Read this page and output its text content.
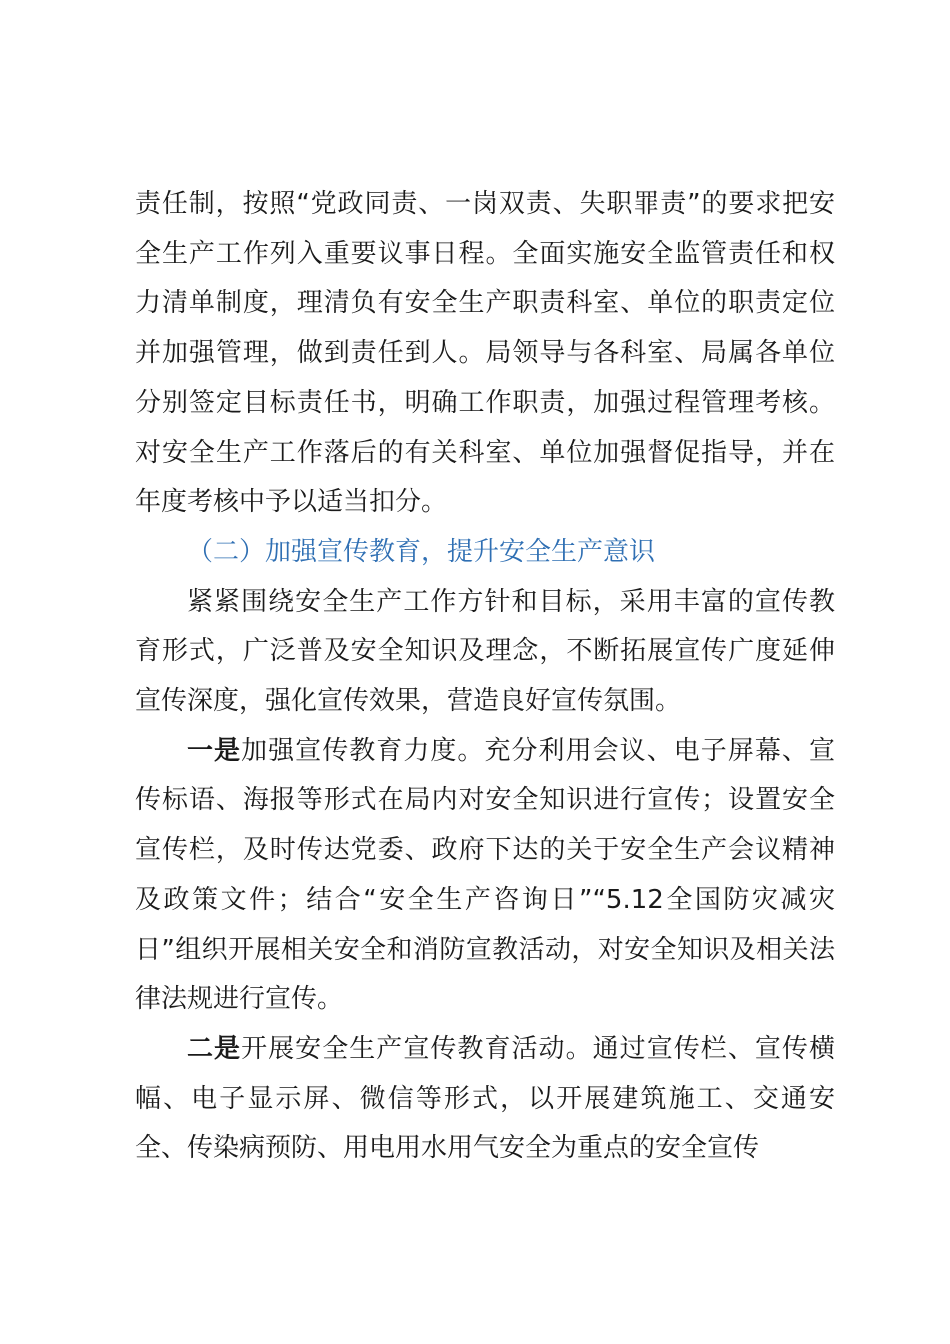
责任制，按照“党政同责、一岗双责、失职罪责”的要求把安全生产工作列入重要议事日程。全面实施安全监管责任和权力清单制度，理清负有安全生产职责科室、单位的职责定位并加强管理，做到责任到人。局领导与各科室、局属各单位分别签定目标责任书，明确工作职责，加强过程管理考核。对安全生产工作落后的有关科室、单位加强督促指导，并在年度考核中予以适当扣分。

（二）加强宣传教育，提升安全生产意识

紧紧围绕安全生产工作方针和目标，采用丰富的宣传教育形式，广泛普及安全知识及理念，不断拓展宣传广度延伸宣传深度，强化宣传效果，营造良好宣传氛围。

一是加强宣传教育力度。充分利用会议、电子屏幕、宣传标语、海报等形式在局内对安全知识进行宣传；设置安全宣传栏，及时传达党委、政府下达的关于安全生产会议精神及政策文件；结合“安全生产咨询日”“5.12全国防灾减灾日”组织开展相关安全和消防宣教活动，对安全知识及相关法律法规进行宣传。

二是开展安全生产宣传教育活动。通过宣传栏、宣传横幅、电子显示屏、微信等形式，以开展建筑施工、交通安全、传染病预防、用电用水用气安全为重点的安全宣传
